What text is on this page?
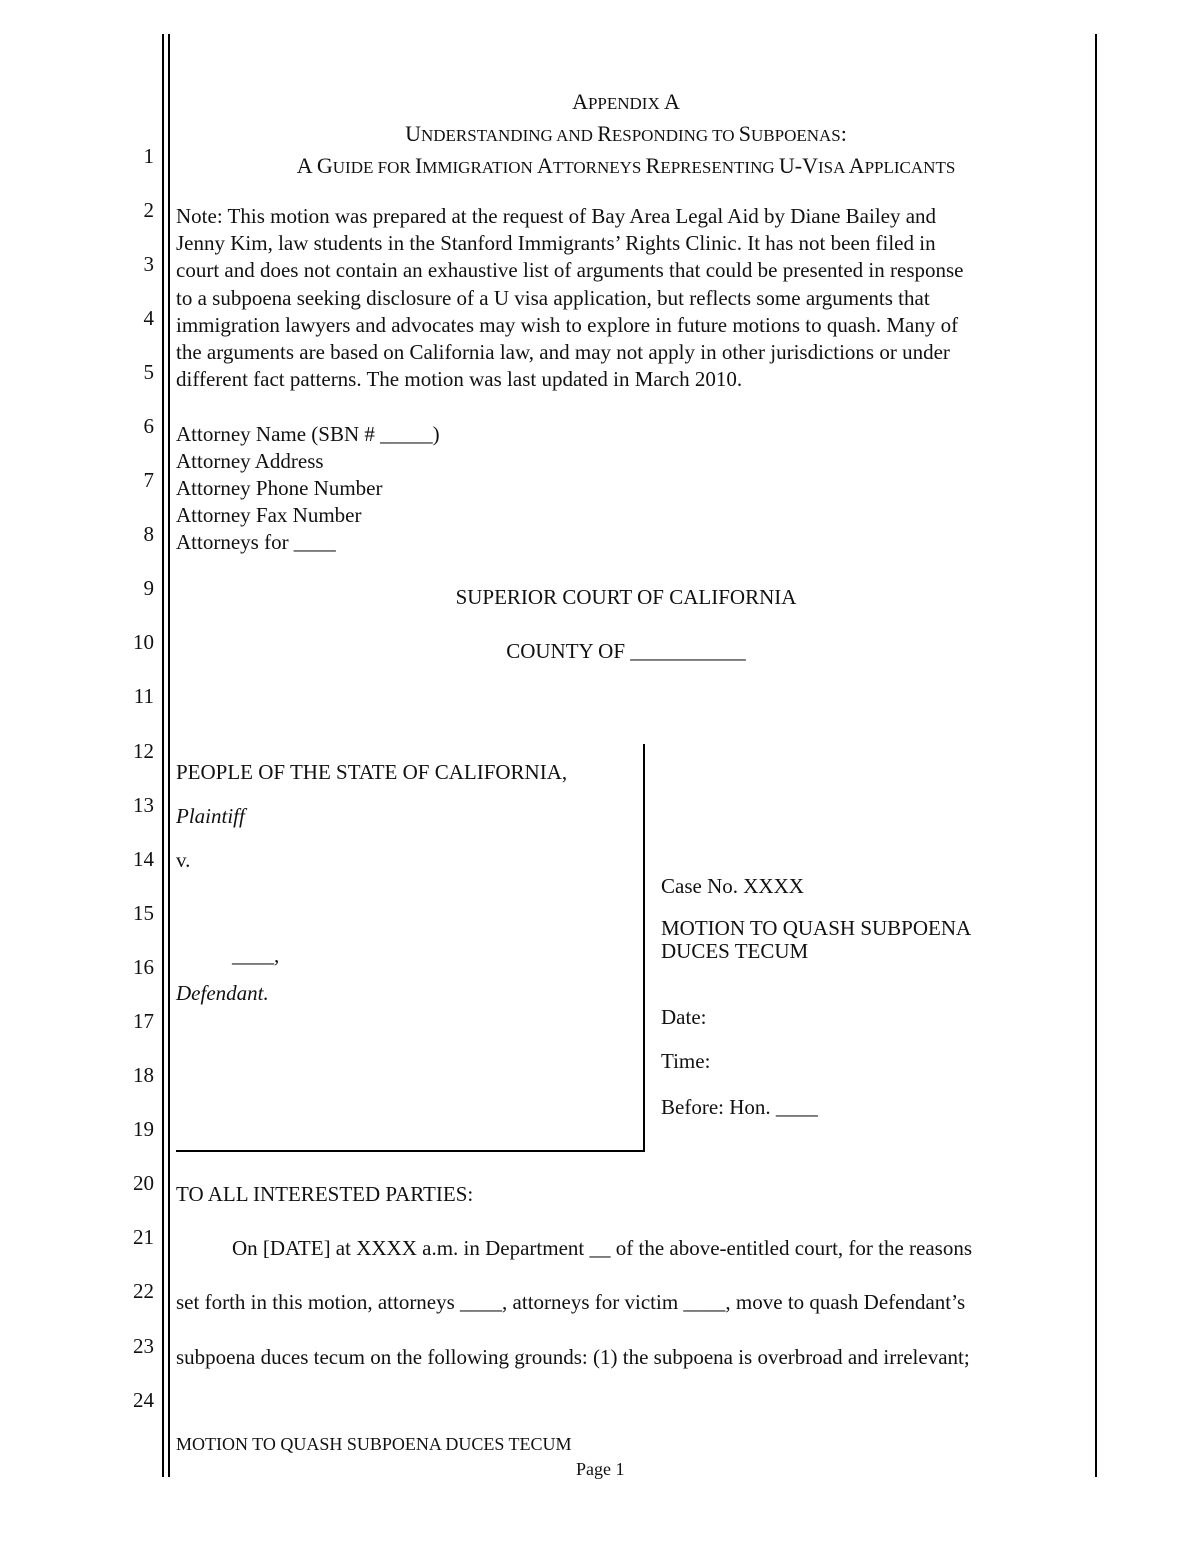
1
2
3
4
5
6
7
8
9
10
11
12
13
14
15
16
17
18
19
20
21
22
23
24
APPENDIX A
UNDERSTANDING AND RESPONDING TO SUBPOENAS:
A GUIDE FOR IMMIGRATION ATTORNEYS REPRESENTING U-VISA APPLICANTS
Note: This motion was prepared at the request of Bay Area Legal Aid by Diane Bailey and
Jenny Kim, law students in the Stanford Immigrants’ Rights Clinic. It has not been filed in
court and does not contain an exhaustive list of arguments that could be presented in response
to a subpoena seeking disclosure of a U visa application, but reflects some arguments that
immigration lawyers and advocates may wish to explore in future motions to quash. Many of
the arguments are based on California law, and may not apply in other jurisdictions or under
different fact patterns. The motion was last updated in March 2010.
Attorney Name (SBN # _____)
Attorney Address
Attorney Phone Number
Attorney Fax Number
Attorneys for ____
SUPERIOR COURT OF CALIFORNIA
COUNTY OF ___________
PEOPLE OF THE STATE OF CALIFORNIA,
Plaintiff
v.
____,
Defendant.
Case No. XXXX
MOTION TO QUASH SUBPOENA
DUCES TECUM
Date:
Time:
Before: Hon. ____
TO ALL INTERESTED PARTIES:
On [DATE] at XXXX a.m. in Department __ of the above-entitled court, for the reasons
set forth in this motion, attorneys ____, attorneys for victim ____, move to quash Defendant’s
subpoena duces tecum on the following grounds: (1) the subpoena is overbroad and irrelevant;
MOTION TO QUASH SUBPOENA DUCES TECUM
Page 1
